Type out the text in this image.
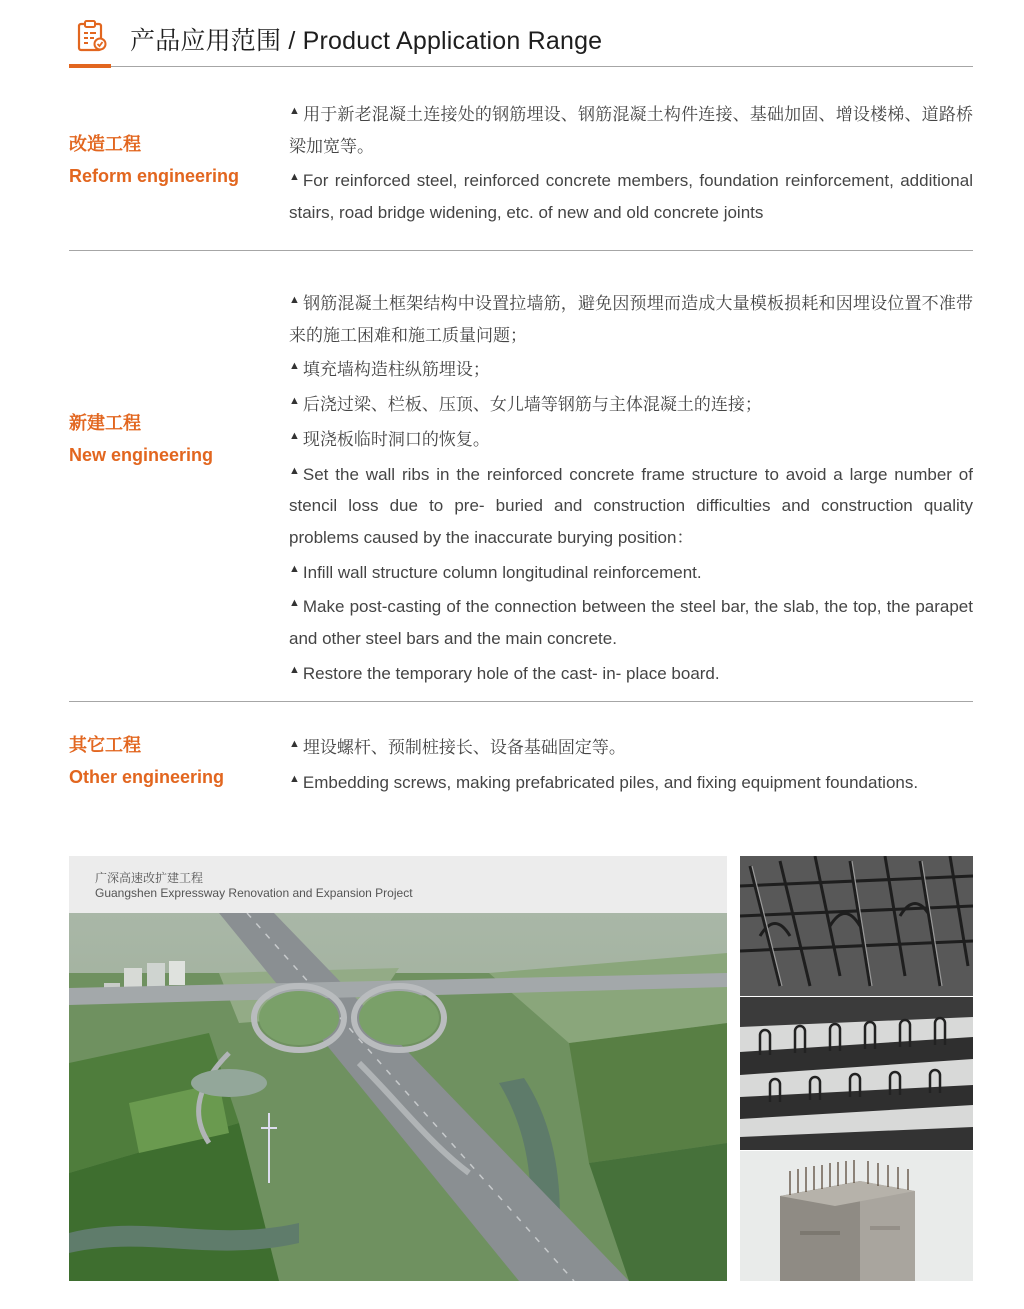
产品应用范围 / Product Application Range
改造工程
Reform engineering

▲ 用于新老混凝土连接处的钢筋埋设、钢筋混凝土构件连接、基础加固、增设楼梯、道路桥梁加宽等。

▲ For reinforced steel, reinforced concrete members, foundation reinforcement, additional stairs, road bridge widening, etc. of new and old concrete joints

新建工程
New engineering

▲ 钢筋混凝土框架结构中设置拉墙筋，避免因预埋而造成大量模板损耗和因埋设位置不准带来的施工困难和施工质量问题；

▲ 填充墙构造柱纵筋埋设；

▲ 后浇过梁、栏板、压顶、女儿墙等钢筋与主体混凝土的连接；

▲ 现浇板临时洞口的恢复。

▲ Set the wall ribs in the reinforced concrete frame structure to avoid a large number of stencil loss due to pre- buried and construction difficulties and construction quality problems caused by the inaccurate burying position：

▲ Infill wall structure column longitudinal reinforcement.

▲ Make post-casting of the connection between the steel bar, the slab, the top, the parapet and other steel bars and the main concrete.

▲ Restore the temporary hole of the cast- in- place board.

其它工程
Other engineering

▲ 埋设螺杆、预制桩接长、设备基础固定等。

▲ Embedding screws, making prefabricated piles, and fixing equipment foundations.

广深高速改扩建工程
Guangshen Expressway Renovation and Expansion Project
